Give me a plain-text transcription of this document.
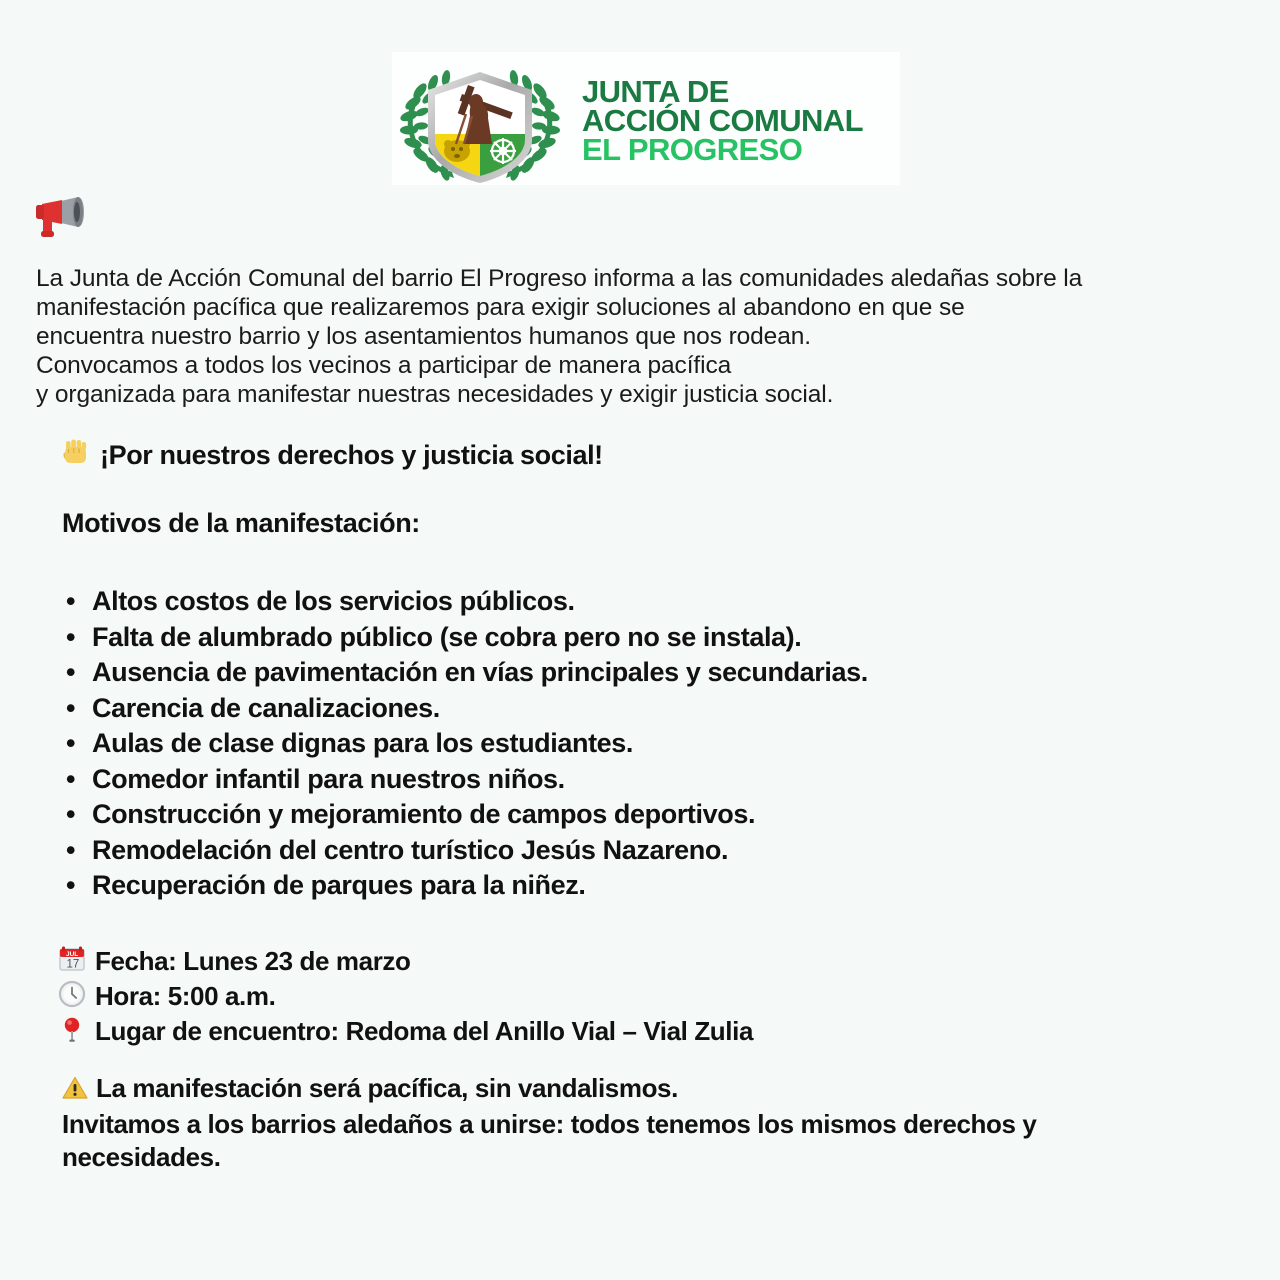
JUNTA DE
ACCIÓN COMUNAL
EL PROGRESO

La Junta de Acción Comunal del barrio El Progreso informa a las comunidades aledañas sobre la

manifestación pacífica que realizaremos para exigir soluciones al abandono en que se

encuentra nuestro barrio y los asentamientos humanos que nos rodean.

Convocamos a todos los vecinos a participar de manera pacífica

y organizada para manifestar nuestras necesidades y exigir justicia social.

¡Por nuestros derechos y justicia social!
Motivos de la manifestación:
• Altos costos de los servicios públicos.
• Falta de alumbrado público (se cobra pero no se instala).
• Ausencia de pavimentación en vías principales y secundarias.
• Carencia de canalizaciones.
• Aulas de clase dignas para los estudiantes.
• Comedor infantil para nuestros niños.
• Construcción y mejoramiento de campos deportivos.
• Remodelación del centro turístico Jesús Nazareno.
• Recuperación de parques para la niñez.
JUL
17 Fecha: Lunes 23 de marzo
Hora: 5:00 a.m.
Lugar de encuentro: Redoma del Anillo Vial – Vial Zulia
La manifestación será pacífica, sin vandalismos.

Invitamos a los barrios aledaños a unirse: todos tenemos los mismos derechos y

necesidades.
